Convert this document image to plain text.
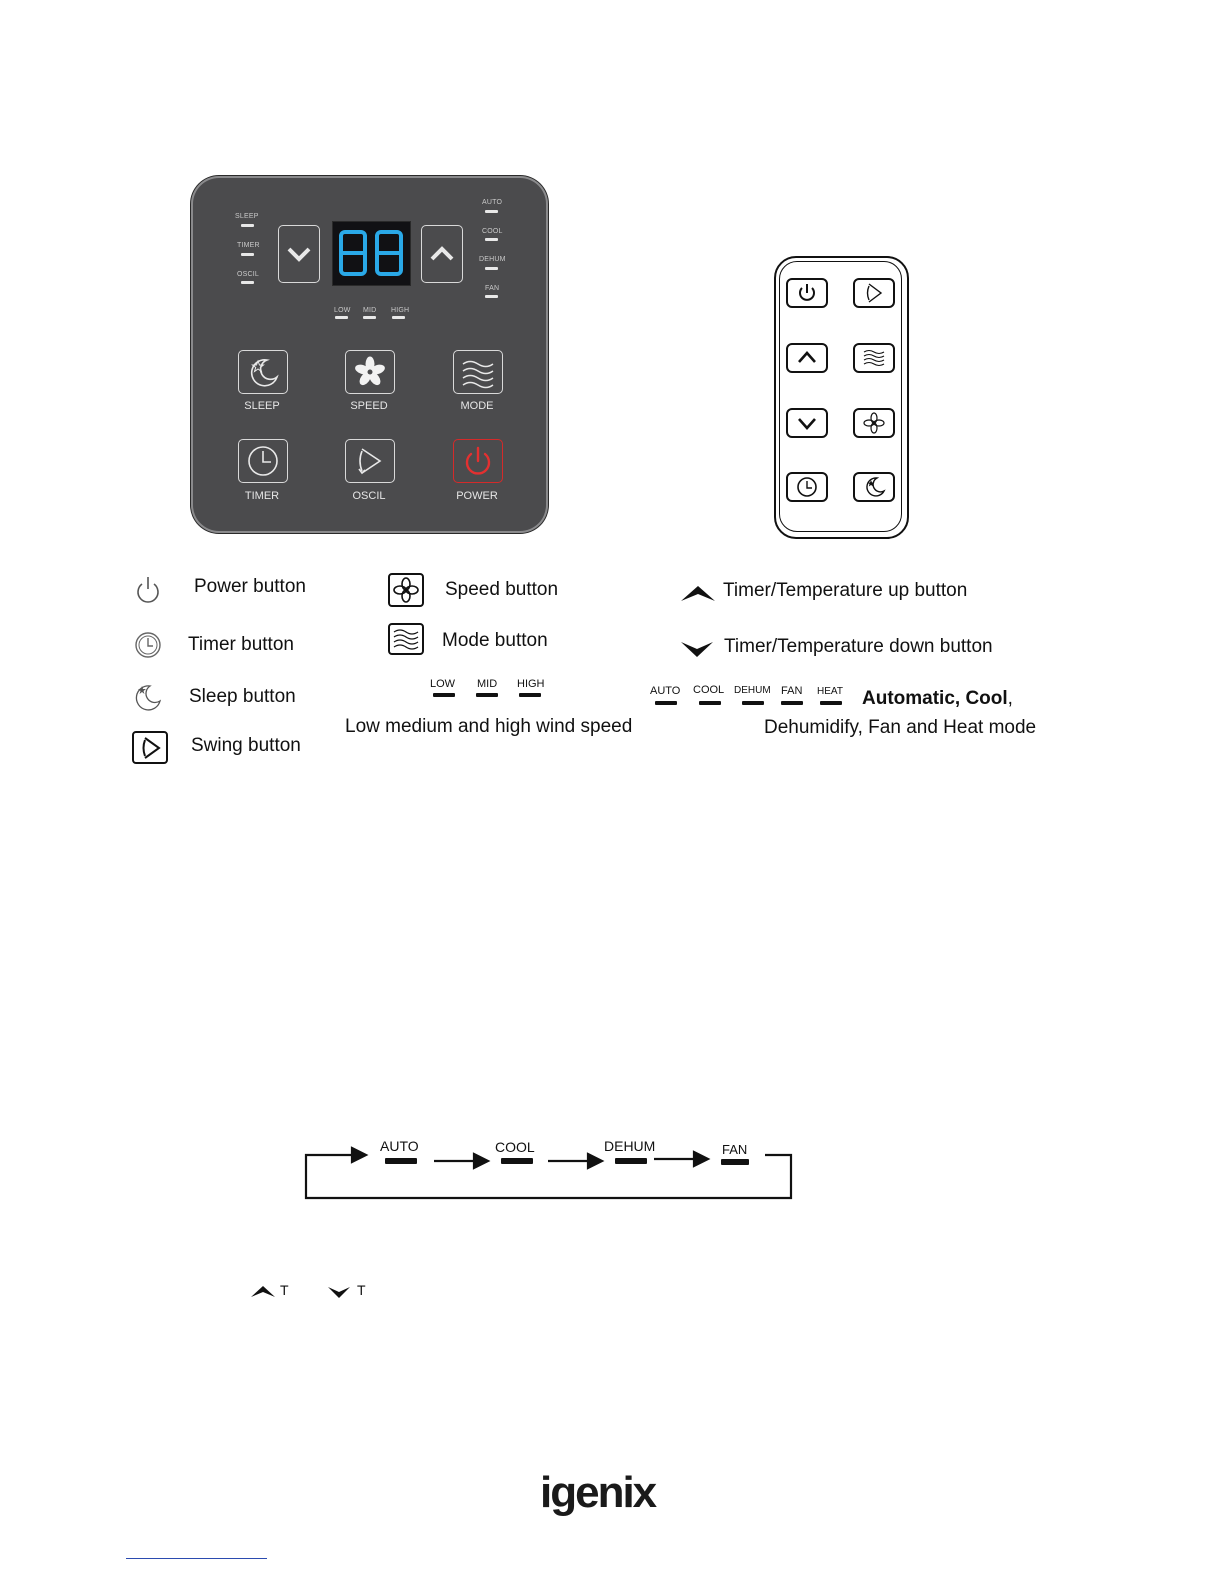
SLEEP
TIMER
OSCIL
AUTO
COOL
DEHUM
FAN
LOW MID HIGH
SLEEP	SPEED	MODE
TIMER	OSCIL	POWER
Power button
Timer button
Sleep button
Swing button
Speed button
Mode button
LOW MID HIGH
Low medium and high wind speed
Timer/Temperature up button
Timer/Temperature down button
AUTO COOL DEHUM FAN HEAT Automatic, Cool,
Dehumidify, Fan and Heat mode
AUTO	COOL	DEHUM	FAN
T	T
igenix
